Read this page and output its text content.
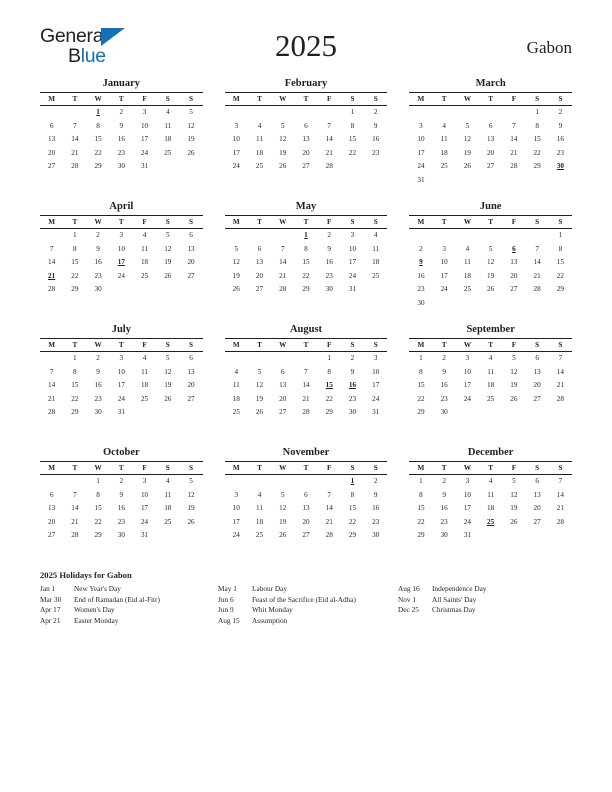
General
Blue	2025	Gabon
January
M	T	W	T	F	S	S
		1	2	3	4	5
6	7	8	9	10	11	12
13	14	15	16	17	18	19
20	21	22	23	24	25	26
27	28	29	30	31		

February
M	T	W	T	F	S	S
					1	2
3	4	5	6	7	8	9
10	11	12	13	14	15	16
17	18	19	20	21	22	23
24	25	26	27	28		

March
M	T	W	T	F	S	S
					1	2
3	4	5	6	7	8	9
10	11	12	13	14	15	16
17	18	19	20	21	22	23
24	25	26	27	28	29	30
31						
April
M	T	W	T	F	S	S
	1	2	3	4	5	6
7	8	9	10	11	12	13
14	15	16	17	18	19	20
21	22	23	24	25	26	27
28	29	30				

May
M	T	W	T	F	S	S
			1	2	3	4
5	6	7	8	9	10	11
12	13	14	15	16	17	18
19	20	21	22	23	24	25
26	27	28	29	30	31	

June
M	T	W	T	F	S	S
						1
2	3	4	5	6	7	8
9	10	11	12	13	14	15
16	17	18	19	20	21	22
23	24	25	26	27	28	29
30						
July
M	T	W	T	F	S	S
	1	2	3	4	5	6
7	8	9	10	11	12	13
14	15	16	17	18	19	20
21	22	23	24	25	26	27
28	29	30	31			

August
M	T	W	T	F	S	S
				1	2	3
4	5	6	7	8	9	10
11	12	13	14	15	16	17
18	19	20	21	22	23	24
25	26	27	28	29	30	31

September
M	T	W	T	F	S	S
1	2	3	4	5	6	7
8	9	10	11	12	13	14
15	16	17	18	19	20	21
22	23	24	25	26	27	28
29	30					

October
M	T	W	T	F	S	S
		1	2	3	4	5
6	7	8	9	10	11	12
13	14	15	16	17	18	19
20	21	22	23	24	25	26
27	28	29	30	31		

November
M	T	W	T	F	S	S
					1	2
3	4	5	6	7	8	9
10	11	12	13	14	15	16
17	18	19	20	21	22	23
24	25	26	27	28	29	30

December
M	T	W	T	F	S	S
1	2	3	4	5	6	7
8	9	10	11	12	13	14
15	16	17	18	19	20	21
22	23	24	25	26	27	28
29	30	31				

2025 Holidays for Gabon
Jan 1	New Year's Day
Mar 30	End of Ramadan (Eid al-Fitr)
Apr 17	Women's Day
Apr 21	Easter Monday
May 1	Labour Day
Jun 6	Feast of the Sacrifice (Eid al-Adha)
Jun 9	Whit Monday
Aug 15	Assumption
Aug 16	Independence Day
Nov 1	All Saints' Day
Dec 25	Christmas Day
